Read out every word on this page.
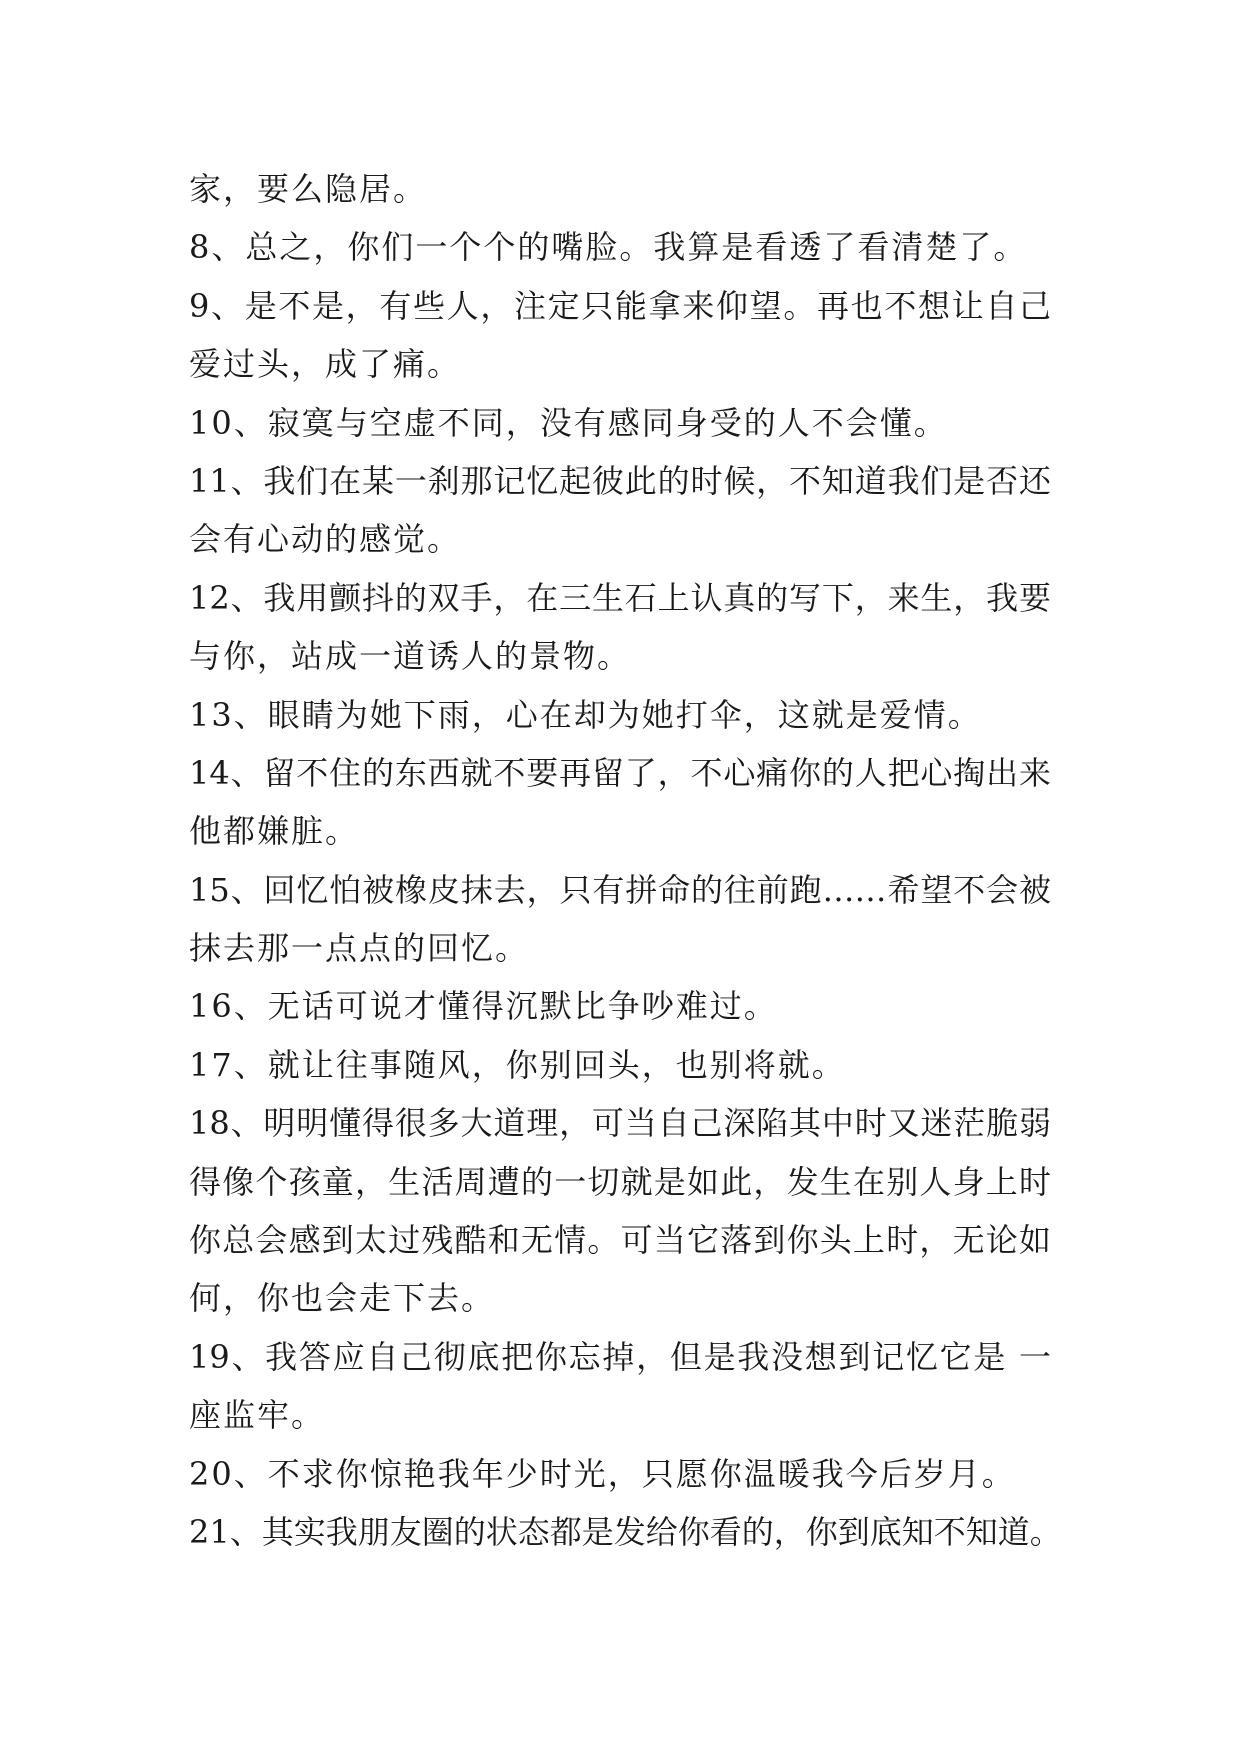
家，要么隐居。
8、总之，你们一个个的嘴脸。我算是看透了看清楚了。
9、是不是，有些人，注定只能拿来仰望。再也不想让自己
爱过头，成了痛。
10、寂寞与空虚不同，没有感同身受的人不会懂。
11、我们在某一刹那记忆起彼此的时候，不知道我们是否还
会有心动的感觉。
12、我用颤抖的双手，在三生石上认真的写下，来生，我要
与你，站成一道诱人的景物。
13、眼睛为她下雨，心在却为她打伞，这就是爱情。
14、留不住的东西就不要再留了，不心痛你的人把心掏出来
他都嫌脏。
15、回忆怕被橡皮抹去，只有拼命的往前跑……希望不会被
抹去那一点点的回忆。
16、无话可说才懂得沉默比争吵难过。
17、就让往事随风，你别回头，也别将就。
18、明明懂得很多大道理，可当自己深陷其中时又迷茫脆弱
得像个孩童，生活周遭的一切就是如此，发生在别人身上时
你总会感到太过残酷和无情。可当它落到你头上时，无论如
何，你也会走下去。
19、我答应自己彻底把你忘掉，但是我没想到记忆它是 一
座监牢。
20、不求你惊艳我年少时光，只愿你温暖我今后岁月。
21、其实我朋友圈的状态都是发给你看的，你到底知不知道。
